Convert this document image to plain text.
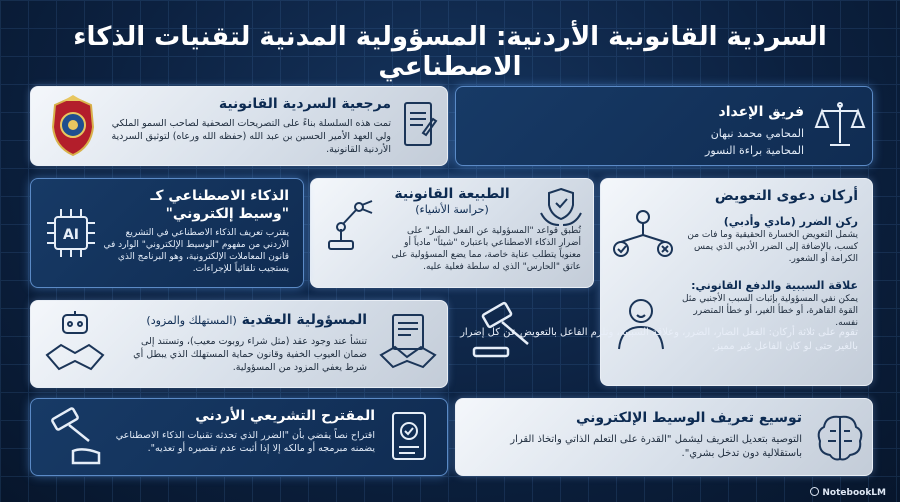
السردية القانونية الأردنية: المسؤولية المدنية لتقنيات الذكاء الاصطناعي
فريق الإعداد
المحامي محمد نبهان
المحامية براءة النسور
مرجعية السردية القانونية
تمت هذه السلسلة بناءً على التصريحات الصحفية لصاحب السمو الملكي ولي العهد الأمير الحسين بن عبد الله (حفظه الله ورعاه) لتوثيق السردية الأردنية القانونية.
أركان دعوى التعويض
ركن الضرر (مادي وأدبي)
يشمل التعويض الخسارة الحقيقية وما فات من كسب، بالإضافة إلى الضرر الأدبي الذي يمس الكرامة أو الشعور.
علاقة السببية والدفع القانوني:
يمكن نفي المسؤولية بإثبات السبب الأجنبي مثل القوة القاهرة، أو خطأ الغير، أو خطأ المتضرر نفسه.
تقوم على ثلاثة أركان: الفعل الضار، الضرر، وعلاقة السببية، وتلزم الفاعل بالتعويض عن كل إضرار بالغير حتى لو كان الفاعل غير مميز.
الطبيعة القانونية
(حراسة الأشياء)
تُطبق قواعد "المسؤولية عن الفعل الضار" على أضرار الذكاء الاصطناعي باعتباره "شيئاً" مادياً أو معنوياً يتطلب عناية خاصة، مما يضع المسؤولية على عاتق "الحارس" الذي له سلطة فعلية عليه.
AI
الذكاء الاصطناعي كـ
"وسيط إلكتروني"
يقترب تعريف الذكاء الاصطناعي في التشريع الأردني من مفهوم "الوسيط الإلكتروني" الوارد في قانون المعاملات الإلكترونية، وهو البرنامج الذي يستجيب تلقائياً للإجراءات.
المسؤولية العقدية (المستهلك والمزود)
تنشأ عند وجود عقد (مثل شراء روبوت معيب)، وتستند إلى ضمان العيوب الخفية وقانون حماية المستهلك الذي يبطل أي شرط يعفي المزود من المسؤولية.
المقترح التشريعي الأردني
اقتراح نصاً يقضي بأن "الضرر الذي تحدثه تقنيات الذكاء الاصطناعي يضمنه مبرمجه أو مالكه إلا إذا أثبت عدم تقصيره أو تعديه".
توسيع تعريف الوسيط الإلكتروني
التوصية بتعديل التعريف ليشمل "القدرة على التعلم الذاتي واتخاذ القرار باستقلالية دون تدخل بشري".
NotebookLM
